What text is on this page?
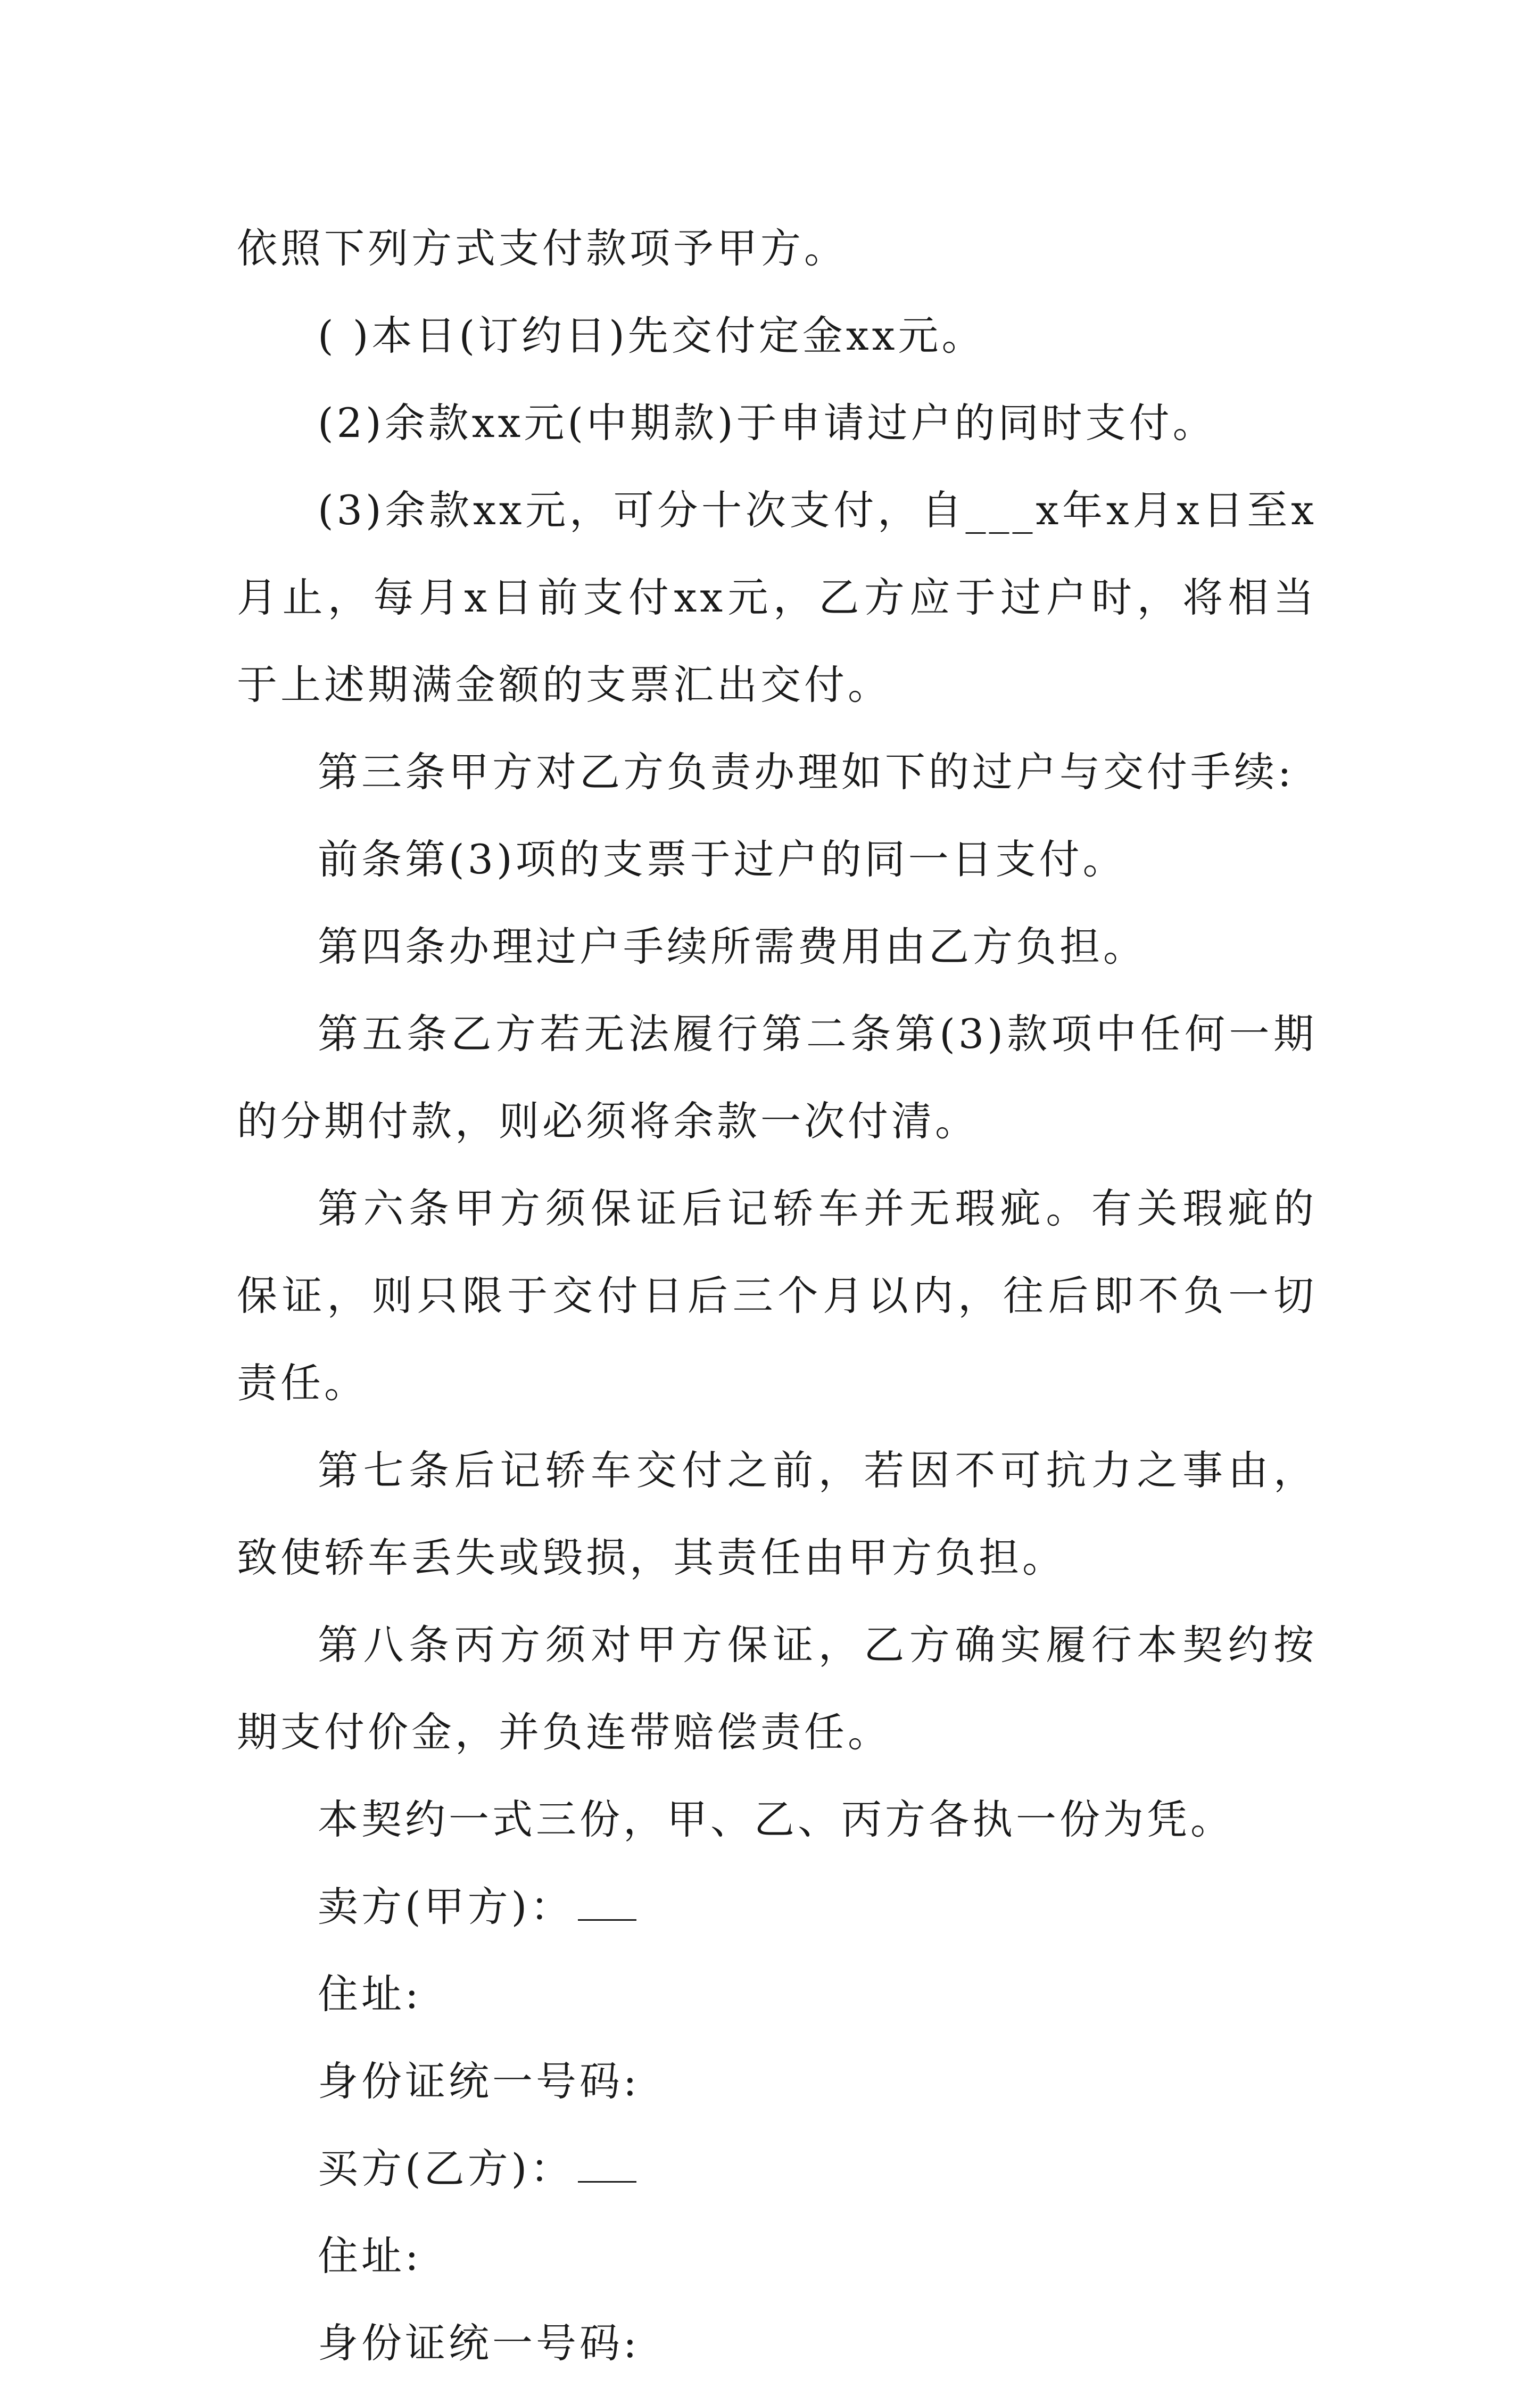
依照下列方式支付款项予甲方。

( )本日(订约日)先交付定金xx元。

(2)余款xx元(中期款)于申请过户的同时支付。

(3)余款xx元，可分十次支付，自___x年x月x日至x月止，每月x日前支付xx元，乙方应于过户时，将相当于上述期满金额的支票汇出交付。

第三条甲方对乙方负责办理如下的过户与交付手续:

前条第(3)项的支票于过户的同一日支付。

第四条办理过户手续所需费用由乙方负担。

第五条乙方若无法履行第二条第(3)款项中任何一期的分期付款，则必须将余款一次付清。

第六条甲方须保证后记轿车并无瑕疵。有关瑕疵的保证，则只限于交付日后三个月以内，往后即不负一切责任。

第七条后记轿车交付之前，若因不可抗力之事由，致使轿车丢失或毁损，其责任由甲方负担。

第八条丙方须对甲方保证，乙方确实履行本契约按期支付价金，并负连带赔偿责任。

本契约一式三份，甲、乙、丙方各执一份为凭。

卖方(甲方)：

住址:

身份证统一号码:

买方(乙方)：

住址:

身份证统一号码:
